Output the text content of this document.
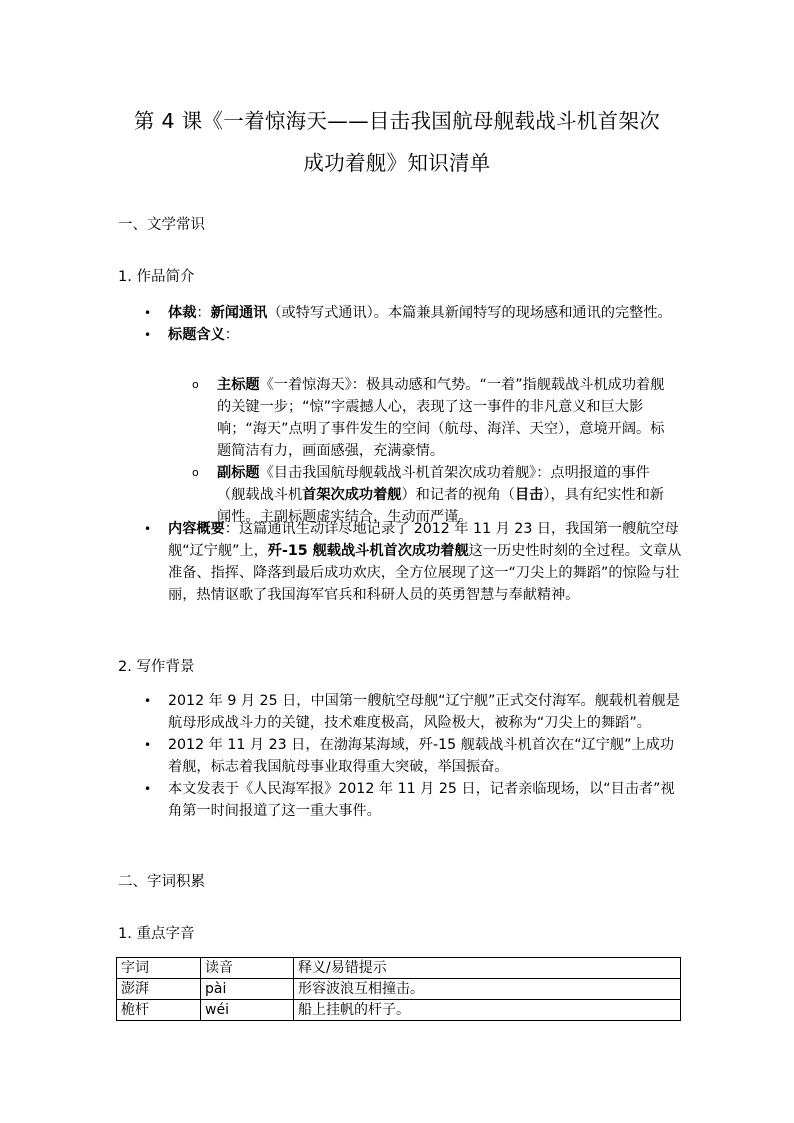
第 4 课《一着惊海天——目击我国航母舰载战斗机首架次
成功着舰》知识清单
一、文学常识
1. 作品简介
• 体裁：新闻通讯（或特写式通讯）。本篇兼具新闻特写的现场感和通讯的完整性。
• 标题含义：
o 主标题《一着惊海天》：极具动感和气势。“一着”指舰载战斗机成功着舰的关键一步；“惊”字震撼人心，表现了这一事件的非凡意义和巨大影响；“海天”点明了事件发生的空间（航母、海洋、天空），意境开阔。标题简洁有力，画面感强，充满豪情。
o 副标题《目击我国航母舰载战斗机首架次成功着舰》：点明报道的事件（舰载战斗机首架次成功着舰）和记者的视角（目击），具有纪实性和新闻性。主副标题虚实结合，生动而严谨。
• 内容概要：这篇通讯生动详尽地记录了 2012 年 11 月 23 日，我国第一艘航空母舰“辽宁舰”上，歼-15 舰载战斗机首次成功着舰这一历史性时刻的全过程。文章从准备、指挥、降落到最后成功欢庆，全方位展现了这一“刀尖上的舞蹈”的惊险与壮丽，热情讴歌了我国海军官兵和科研人员的英勇智慧与奉献精神。
2. 写作背景
• 2012 年 9 月 25 日，中国第一艘航空母舰“辽宁舰”正式交付海军。舰载机着舰是航母形成战斗力的关键，技术难度极高，风险极大，被称为“刀尖上的舞蹈”。
• 2012 年 11 月 23 日，在渤海某海域，歼-15 舰载战斗机首次在“辽宁舰”上成功着舰，标志着我国航母事业取得重大突破，举国振奋。
• 本文发表于《人民海军报》2012 年 11 月 25 日，记者亲临现场，以“目击者”视角第一时间报道了这一重大事件。
二、字词积累
1. 重点字音
字词	读音	释义/易错提示
澎湃	pài	形容波浪互相撞击。
桅杆	wéi	船上挂帆的杆子。
